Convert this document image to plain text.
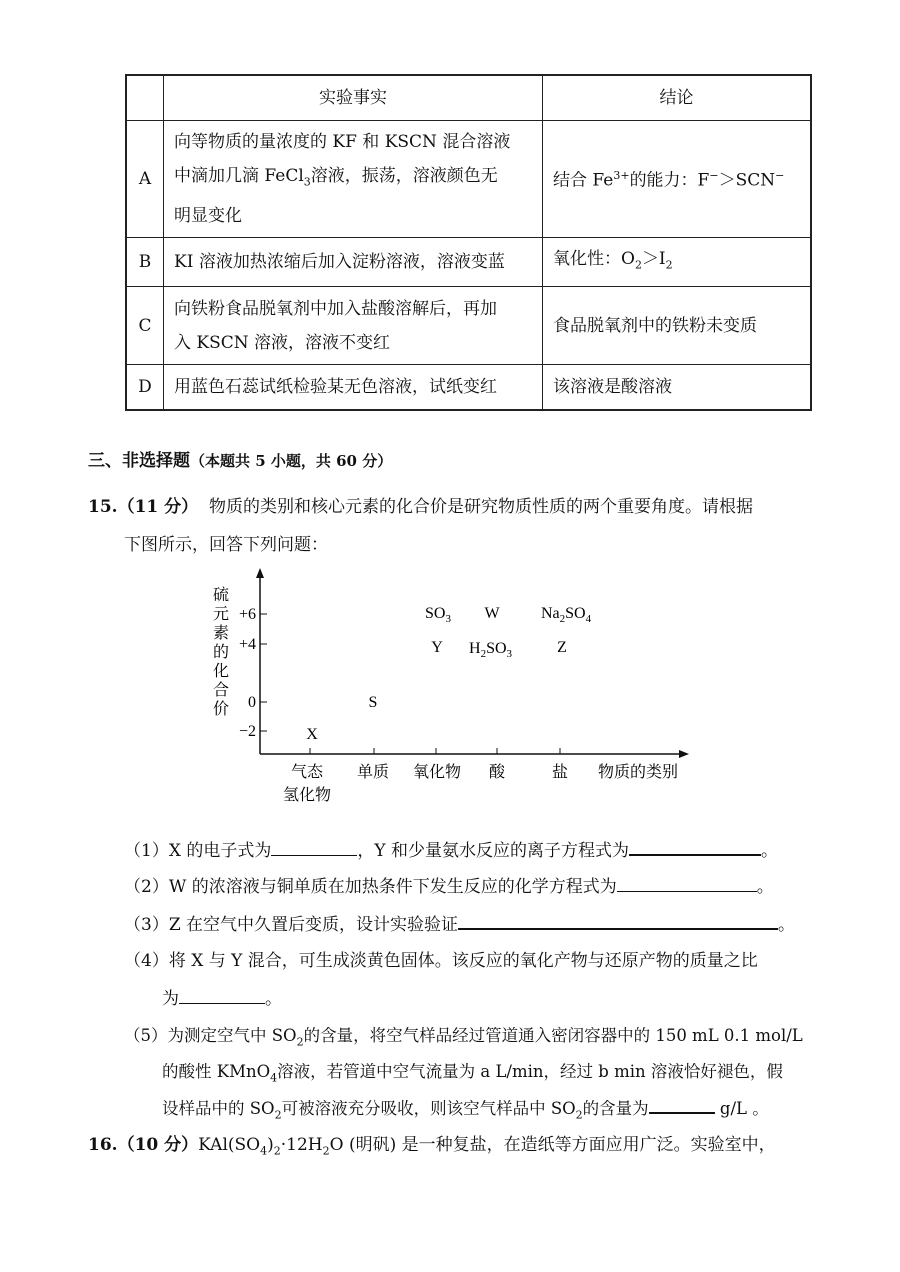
	实验事实	结论
A	向等物质的量浓度的 KF 和 KSCN 混合溶液
中滴加几滴 FeCl$_3$溶液，振荡，溶液颜色无
明显变化	结合 $Fe^{3+}$的能力：F−＞SCN−
B	KI 溶液加热浓缩后加入淀粉溶液，溶液变蓝	氧化性：$O_2>I_2$
C	向铁粉食品脱氧剂中加入盐酸溶解后，再加
入 KSCN 溶液，溶液不变红	食品脱氧剂中的铁粉未变质
D	用蓝色石蕊试纸检验某无色溶液，试纸变红	该溶液是酸溶液
三、非选择题（本题共 5 小题，共 60 分）
15.（11 分） 物质的类别和核心元素的化合价是研究物质性质的两个重要角度。请根据
下图所示，回答下列问题：
+6
+4
0
−2
硫
元
素
的
化
合
价
气态
氢化物
单质 氧化物 酸	盐 物质的类别
$SO_3$ W	$Na_2SO_4$
Y $H_2SO_3$	Z
S
X
（1）X 的电子式为	，Y 和少量氨水反应的离子方程式为	。
（2）W 的浓溶液与铜单质在加热条件下发生反应的化学方程式为	。
（3）Z 在空气中久置后变质，设计实验验证	。
（4）将 X 与 Y 混合，可生成淡黄色固体。该反应的氧化产物与还原产物的质量之比
为	。
（5）为测定空气中 $SO_2$的含量，将空气样品经过管道通入密闭容器中的 150 mL 0.1 mol/L
的酸性 KMnO$_4$溶液，若管道中空气流量为 a L/min，经过 b min 溶液恰好褪色，假
设样品中的 $SO_2$可被溶液充分吸收，则该空气样品中 $SO_2$的含量为	g/L 。
16.（10 分）$KAl(SO_4)_2\cdot 12H_2O$ (明矾) 是一种复盐，在造纸等方面应用广泛。实验室中，
